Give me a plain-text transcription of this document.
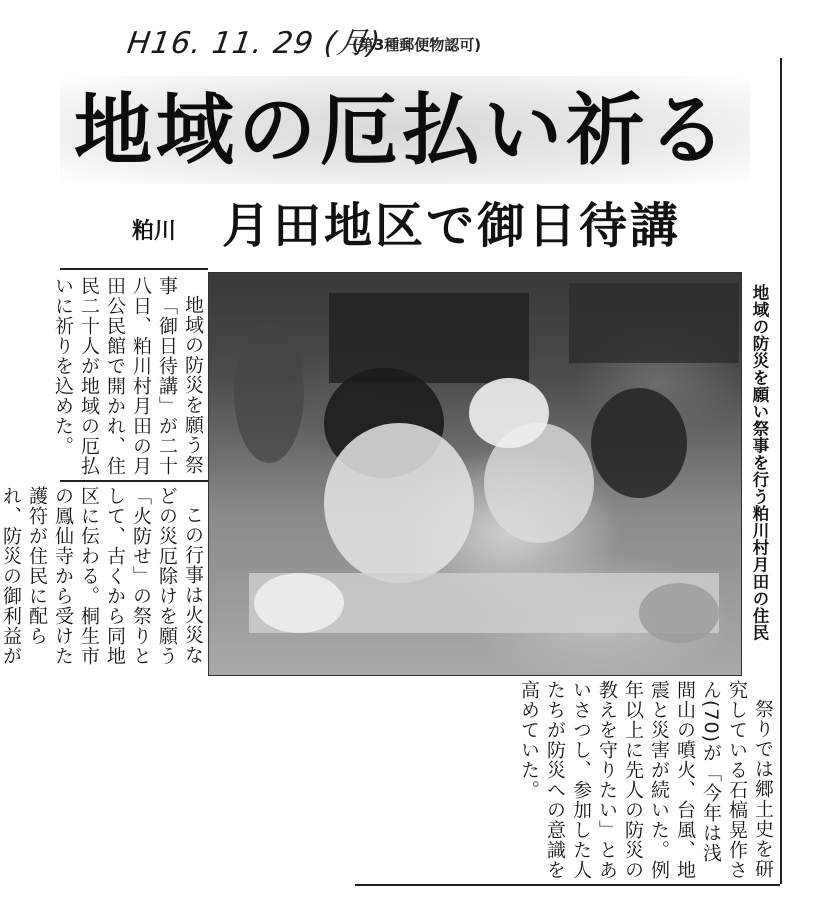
H16. 11. 29 (月)
(第3種郵便物認可)
地域の厄払い祈る
粕川 月田地区で御日待講
地域の防災を願う祭事「御日待講」が二十八日、粕川村月田の月田公民館で開かれ、住民二十人が地域の厄払いに祈りを込めた。
この行事は火災などの災厄除けを願う「火防せ」の祭りとして、古くから同地区に伝わる。桐生市の鳳仙寺から受けた護符が住民に配られ、防災の御利益が
地域の防災を願い祭事を行う粕川村月田の住民
祭りでは郷土史を研究している石槁晃作さん(70)が「今年は浅間山の噴火、台風、地震と災害が続いた。例年以上に先人の防災の教えを守りたい」とあいさつし、参加した人たちが防災への意識を高めていた。
